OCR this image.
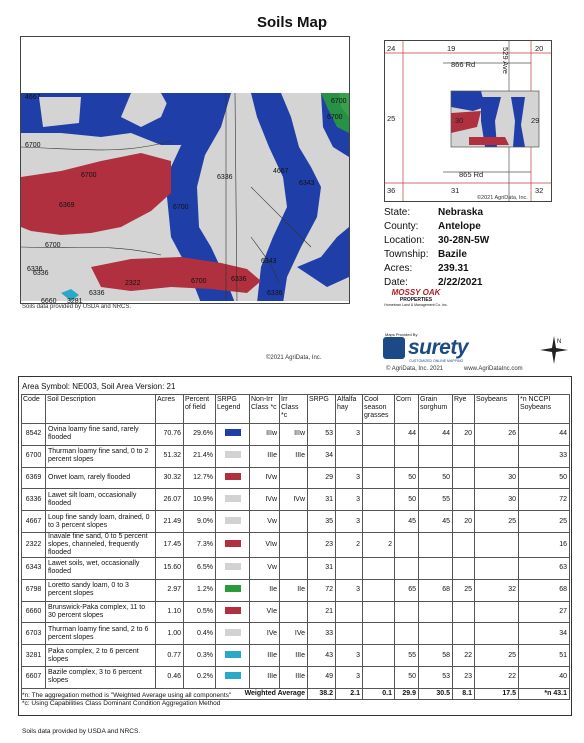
Soils Map
4667
6700
6700
6369	6700
6336
6336
6336
2322
6700
6660 3281
6700
6336
6700
6336
4667
6343
6343
6336
6700
Soils data provided by USDA and NRCS.
©2021 AgriData, Inc.
24	19	20
25	30	29
36	31	32
866 Rd
865 Rd
529 Ave
©2021 AgriData, Inc.
State:	Nebraska
County:	Antelope
Location:	30-28N-5W
Township: Bazile
Acres:	239.31
Date:	2/22/2021
MOSSY OAK
PROPERTIES
Hometown Land & Management Co. Inc.
Maps Provided By
surety
CUSTOMIZED ONLINE MAPPING
© AgriData, Inc. 2021	www.AgriDataInc.com
N
Area Symbol: NE003, Soil Area Version: 21
Code	Soil Description	Acres	Percent of field	SRPG Legend	Non-Irr Class *c	Irr Class *c	SRPG	Alfalfa hay	Cool season grasses	Corn	Grain sorghum	Rye	Soybeans	*n NCCPI Soybeans
8542	Ovina loamy fine sand, rarely flooded	70.76	29.6%		IIIw	IIIw	53	3		44	44	20	26	44
6700	Thurman loamy fine sand, 0 to 2 percent slopes	51.32	21.4%		IIIe	IIIe	34							33
6369	Orwet loam, rarely flooded	30.32	12.7%		IVw		29	3		50	50		30	50
6336	Lawet silt loam, occasionally flooded	26.07	10.9%		IVw	IVw	31	3		50	55		30	72
4667	Loup fine sandy loam, drained, 0 to 3 percent slopes	21.49	9.0%		Vw		35	3		45	45	20	25	25
2322	Inavale fine sand, 0 to 5 percent slopes, channeled, frequently flooded	17.45	7.3%		VIw		23	2	2					16
6343	Lawet soils, wet, occasionally flooded	15.60	6.5%		Vw		31							63
6798	Loretto sandy loam, 0 to 3 percent slopes	2.97	1.2%		IIe	IIe	72	3		65	68	25	32	68
6660	Brunswick-Paka complex, 11 to 30 percent slopes	1.10	0.5%		VIe		21							27
6703	Thurman loamy fine sand, 2 to 6 percent slopes	1.00	0.4%		IVe	IVe	33							34
3281	Paka complex, 2 to 6 percent slopes	0.77	0.3%		IIIe	IIIe	43	3		55	58	22	25	51
6607	Bazile complex, 3 to 6 percent slopes	0.46	0.2%		IIIe	IIIe	49	3		50	53	23	22	40
Weighted Average							38.2	2.1	0.1	29.9	30.5	8.1	17.5	*n 43.1
*n: The aggregation method is "Weighted Average using all components"
*c: Using Capabilities Class Dominant Condition Aggregation Method
Soils data provided by USDA and NRCS.
